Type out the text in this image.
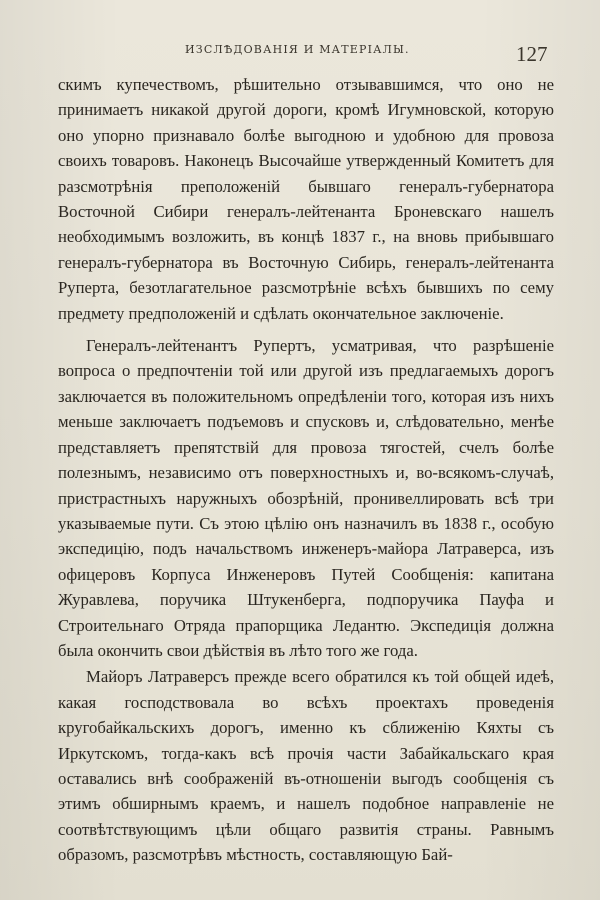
ИЗСЛѢДОВАНІЯ И МАТЕРІАЛЫ.	127

скимъ купечествомъ, рѣшительно отзывавшимся, что оно не принимаетъ никакой другой дороги, кромѣ Игумновской, которую оно упорно признавало болѣе выгодною и удобною для провоза своихъ товаровъ. Наконецъ Высочайше утвержденный Комитетъ для разсмотрѣнія преположеній бывшаго генералъ-губернатора Восточной Сибири генералъ-лейтенанта Броневскаго нашелъ необходимымъ возложить, въ концѣ 1837 г., на вновь прибывшаго генералъ-губернатора въ Восточную Сибирь, генералъ-лейтенанта Руперта, безотлагательное разсмотрѣніе всѣхъ бывшихъ по сему предмету предположеній и сдѣлать окончательное заключеніе.

Генералъ-лейтенантъ Рупертъ, усматривая, что разрѣшеніе вопроса о предпочтеніи той или другой изъ предлагаемыхъ дорогъ заключается въ положительномъ опредѣленіи того, которая изъ нихъ меньше заключаетъ подъемовъ и спусковъ и, слѣдовательно, менѣе представляетъ препятствій для провоза тягостей, счелъ болѣе полезнымъ, независимо отъ поверхностныхъ и, во-всякомъ-случаѣ, пристрастныхъ наружныхъ обозрѣній, пронивеллировать всѣ три указываемые пути. Съ этою цѣлію онъ назначилъ въ 1838 г., особую экспедицію, подъ начальствомъ инженеръ-майора Латраверса, изъ офицеровъ Корпуса Инженеровъ Путей Сообщенія: капитана Журавлева, поручика Штукенберга, подпоручика Пауфа и Строительнаго Отряда прапорщика Ледантю. Экспедиція должна была окончить свои дѣйствія въ лѣто того же года.

Майоръ Латраверсъ прежде всего обратился къ той общей идеѣ, какая господствовала во всѣхъ проектахъ проведенія кругобайкальскихъ дорогъ, именно къ сближенію Кяхты съ Иркутскомъ, тогда-какъ всѣ прочія части Забайкальскаго края оставались внѣ соображеній въ-отношеніи выгодъ сообщенія съ этимъ обширнымъ краемъ, и нашелъ подобное направленіе не соотвѣтствующимъ цѣли общаго развитія страны. Равнымъ образомъ, разсмотрѣвъ мѣстность, составляющую Бай-
